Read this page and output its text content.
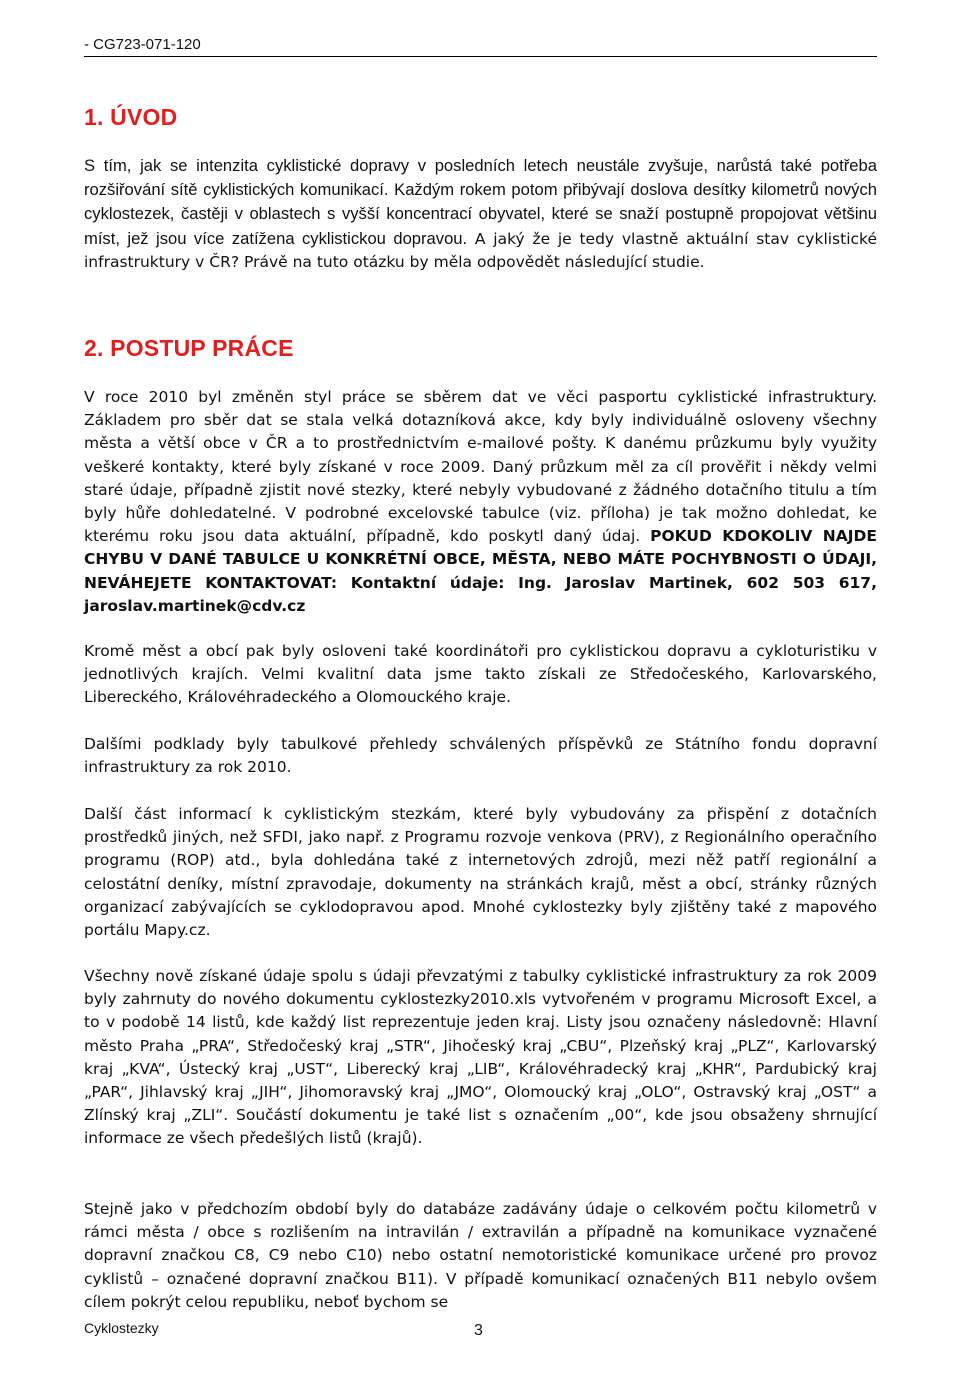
- CG723-071-120
1. ÚVOD

S tím, jak se intenzita cyklistické dopravy v posledních letech neustále zvyšuje, narůstá také potřeba rozšiřování sítě cyklistických komunikací. Každým rokem potom přibývají doslova desítky kilometrů nových cyklostezek, častěji v oblastech s vyšší koncentrací obyvatel, které se snaží postupně propojovat většinu míst, jež jsou více zatížena cyklistickou dopravou. A jaký že je tedy vlastně aktuální stav cyklistické infrastruktury v ČR? Právě na tuto otázku by měla odpovědět následující studie.

2. POSTUP PRÁCE

V roce 2010 byl změněn styl práce se sběrem dat ve věci pasportu cyklistické infrastruktury. Základem pro sběr dat se stala velká dotazníková akce, kdy byly individuálně osloveny všechny města a větší obce v ČR a to prostřednictvím e-mailové pošty. K danému průzkumu byly využity veškeré kontakty, které byly získané v roce 2009. Daný průzkum měl za cíl prověřit i někdy velmi staré údaje, případně zjistit nové stezky, které nebyly vybudované z žádného dotačního titulu a tím byly hůře dohledatelné. V podrobné excelovské tabulce (viz. příloha) je tak možno dohledat, ke kterému roku jsou data aktuální, případně, kdo poskytl daný údaj. POKUD KDOKOLIV NAJDE CHYBU V DANÉ TABULCE U KONKRÉTNÍ OBCE, MĚSTA, NEBO MÁTE POCHYBNOSTI O ÚDAJI, NEVÁHEJETE KONTAKTOVAT: Kontaktní údaje: Ing. Jaroslav Martinek, 602 503 617, jaroslav.martinek@cdv.cz

Kromě měst a obcí pak byly osloveni také koordinátoři pro cyklistickou dopravu a cykloturistiku v jednotlivých krajích. Velmi kvalitní data jsme takto získali ze Středočeského, Karlovarského, Libereckého, Královéhradeckého a Olomouckého kraje.

Dalšími podklady byly tabulkové přehledy schválených příspěvků ze Státního fondu dopravní infrastruktury za rok 2010.

Další část informací k cyklistickým stezkám, které byly vybudovány za přispění z dotačních prostředků jiných, než SFDI, jako např. z Programu rozvoje venkova (PRV), z Regionálního operačního programu (ROP) atd., byla dohledána také z internetových zdrojů, mezi něž patří regionální a celostátní deníky, místní zpravodaje, dokumenty na stránkách krajů, měst a obcí, stránky různých organizací zabývajících se cyklodopravou apod. Mnohé cyklostezky byly zjištěny také z mapového portálu Mapy.cz.

Všechny nově získané údaje spolu s údaji převzatými z tabulky cyklistické infrastruktury za rok 2009 byly zahrnuty do nového dokumentu cyklostezky2010.xls vytvořeném v programu Microsoft Excel, a to v podobě 14 listů, kde každý list reprezentuje jeden kraj. Listy jsou označeny následovně: Hlavní město Praha „PRA“, Středočeský kraj „STR“, Jihočeský kraj „CBU“, Plzeňský kraj „PLZ“, Karlovarský kraj „KVA“, Ústecký kraj „UST“, Liberecký kraj „LIB“, Královéhradecký kraj „KHR“, Pardubický kraj „PAR“, Jihlavský kraj „JIH“, Jihomoravský kraj „JMO“, Olomoucký kraj „OLO“, Ostravský kraj „OST“ a Zlínský kraj „ZLI“. Součástí dokumentu je také list s označením „00“, kde jsou obsaženy shrnující informace ze všech předešlých listů (krajů).

Stejně jako v předchozím období byly do databáze zadávány údaje o celkovém počtu kilometrů v rámci města / obce s rozlišením na intravilán / extravilán a případně na komunikace vyznačené dopravní značkou C8, C9 nebo C10) nebo ostatní nemotoristické komunikace určené pro provoz cyklistů – označené dopravní značkou B11). V případě komunikací označených B11 nebylo ovšem cílem pokrýt celou republiku, neboť bychom se

Cyklostezky	3
